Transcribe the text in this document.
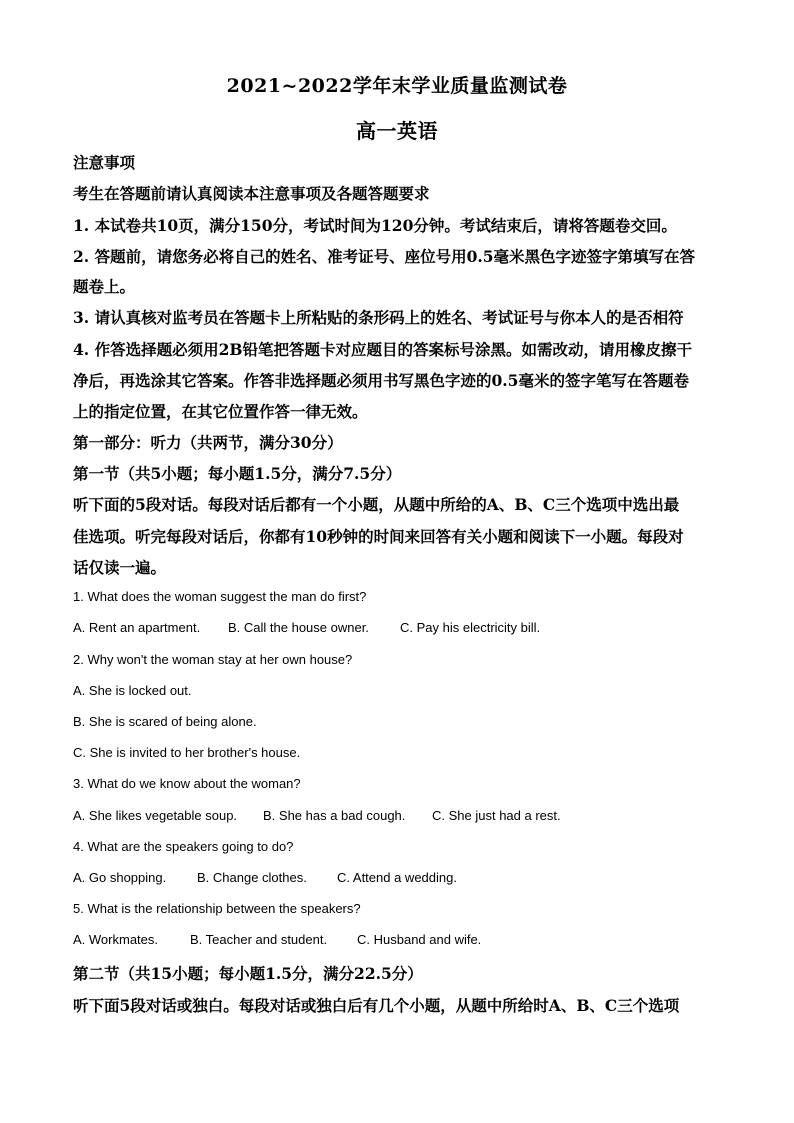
2021~2022学年末学业质量监测试卷
高一英语
注意事项
考生在答题前请认真阅读本注意事项及各题答题要求
1. 本试卷共10页，满分150分，考试时间为120分钟。考试结束后，请将答题卷交回。
2. 答题前，请您务必将自己的姓名、准考证号、座位号用0.5毫米黑色字迹签字第填写在答
题卷上。
3. 请认真核对监考员在答题卡上所粘贴的条形码上的姓名、考试证号与你本人的是否相符
4. 作答选择题必须用2B铅笔把答题卡对应题目的答案标号涂黑。如需改动，请用橡皮擦干
净后，再选涂其它答案。作答非选择题必须用书写黑色字迹的0.5毫米的签字笔写在答题卷
上的指定位置，在其它位置作答一律无效。
第一部分：听力（共两节，满分30分）
第一节（共5小题；每小题1.5分，满分7.5分）
听下面的5段对话。每段对话后都有一个小题，从题中所给的A、B、C三个选项中选出最
佳选项。听完每段对话后，你都有10秒钟的时间来回答有关小题和阅读下一小题。每段对
话仅读一遍。
1. What does the woman suggest the man do first?
A. Rent an apartment. B. Call the house owner. C. Pay his electricity bill.
2. Why won't the woman stay at her own house?
A. She is locked out.
B. She is scared of being alone.
C. She is invited to her brother's house.
3. What do we know about the woman?
A. She likes vegetable soup. B. She has a bad cough. C. She just had a rest.
4. What are the speakers going to do?
A. Go shopping. B. Change clothes. C. Attend a wedding.
5. What is the relationship between the speakers?
A. Workmates. B. Teacher and student. C. Husband and wife.
第二节（共15小题；每小题1.5分，满分22.5分）
听下面5段对话或独白。每段对话或独白后有几个小题，从题中所给时A、B、C三个选项
